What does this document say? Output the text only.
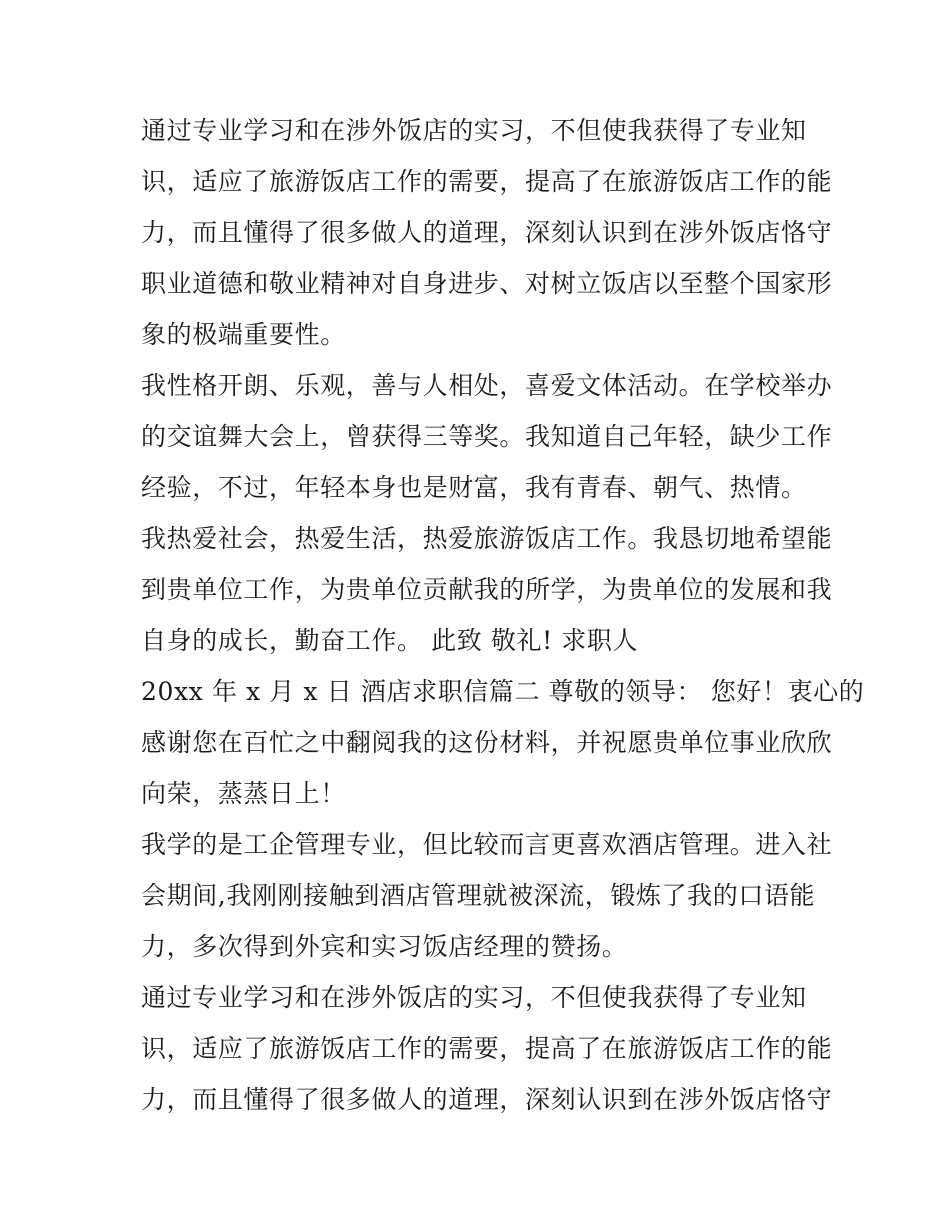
通过专业学习和在涉外饭店的实习，不但使我获得了专业知
识，适应了旅游饭店工作的需要，提高了在旅游饭店工作的能
力，而且懂得了很多做人的道理，深刻认识到在涉外饭店恪守
职业道德和敬业精神对自身进步、对树立饭店以至整个国家形
象的极端重要性。
我性格开朗、乐观，善与人相处，喜爱文体活动。在学校举办
的交谊舞大会上，曾获得三等奖。我知道自己年轻，缺少工作
经验，不过，年轻本身也是财富，我有青春、朝气、热情。
我热爱社会，热爱生活，热爱旅游饭店工作。我恳切地希望能
到贵单位工作，为贵单位贡献我的所学，为贵单位的发展和我
自身的成长，勤奋工作。 此致 敬礼! 求职人
20xx 年 x 月 x 日 酒店求职信篇二 尊敬的领导： 您好！衷心的
感谢您在百忙之中翻阅我的这份材料，并祝愿贵单位事业欣欣
向荣，蒸蒸日上！
我学的是工企管理专业，但比较而言更喜欢酒店管理。进入社
会期间,我刚刚接触到酒店管理就被深流，锻炼了我的口语能
力，多次得到外宾和实习饭店经理的赞扬。
通过专业学习和在涉外饭店的实习，不但使我获得了专业知
识，适应了旅游饭店工作的需要，提高了在旅游饭店工作的能
力，而且懂得了很多做人的道理，深刻认识到在涉外饭店恪守
